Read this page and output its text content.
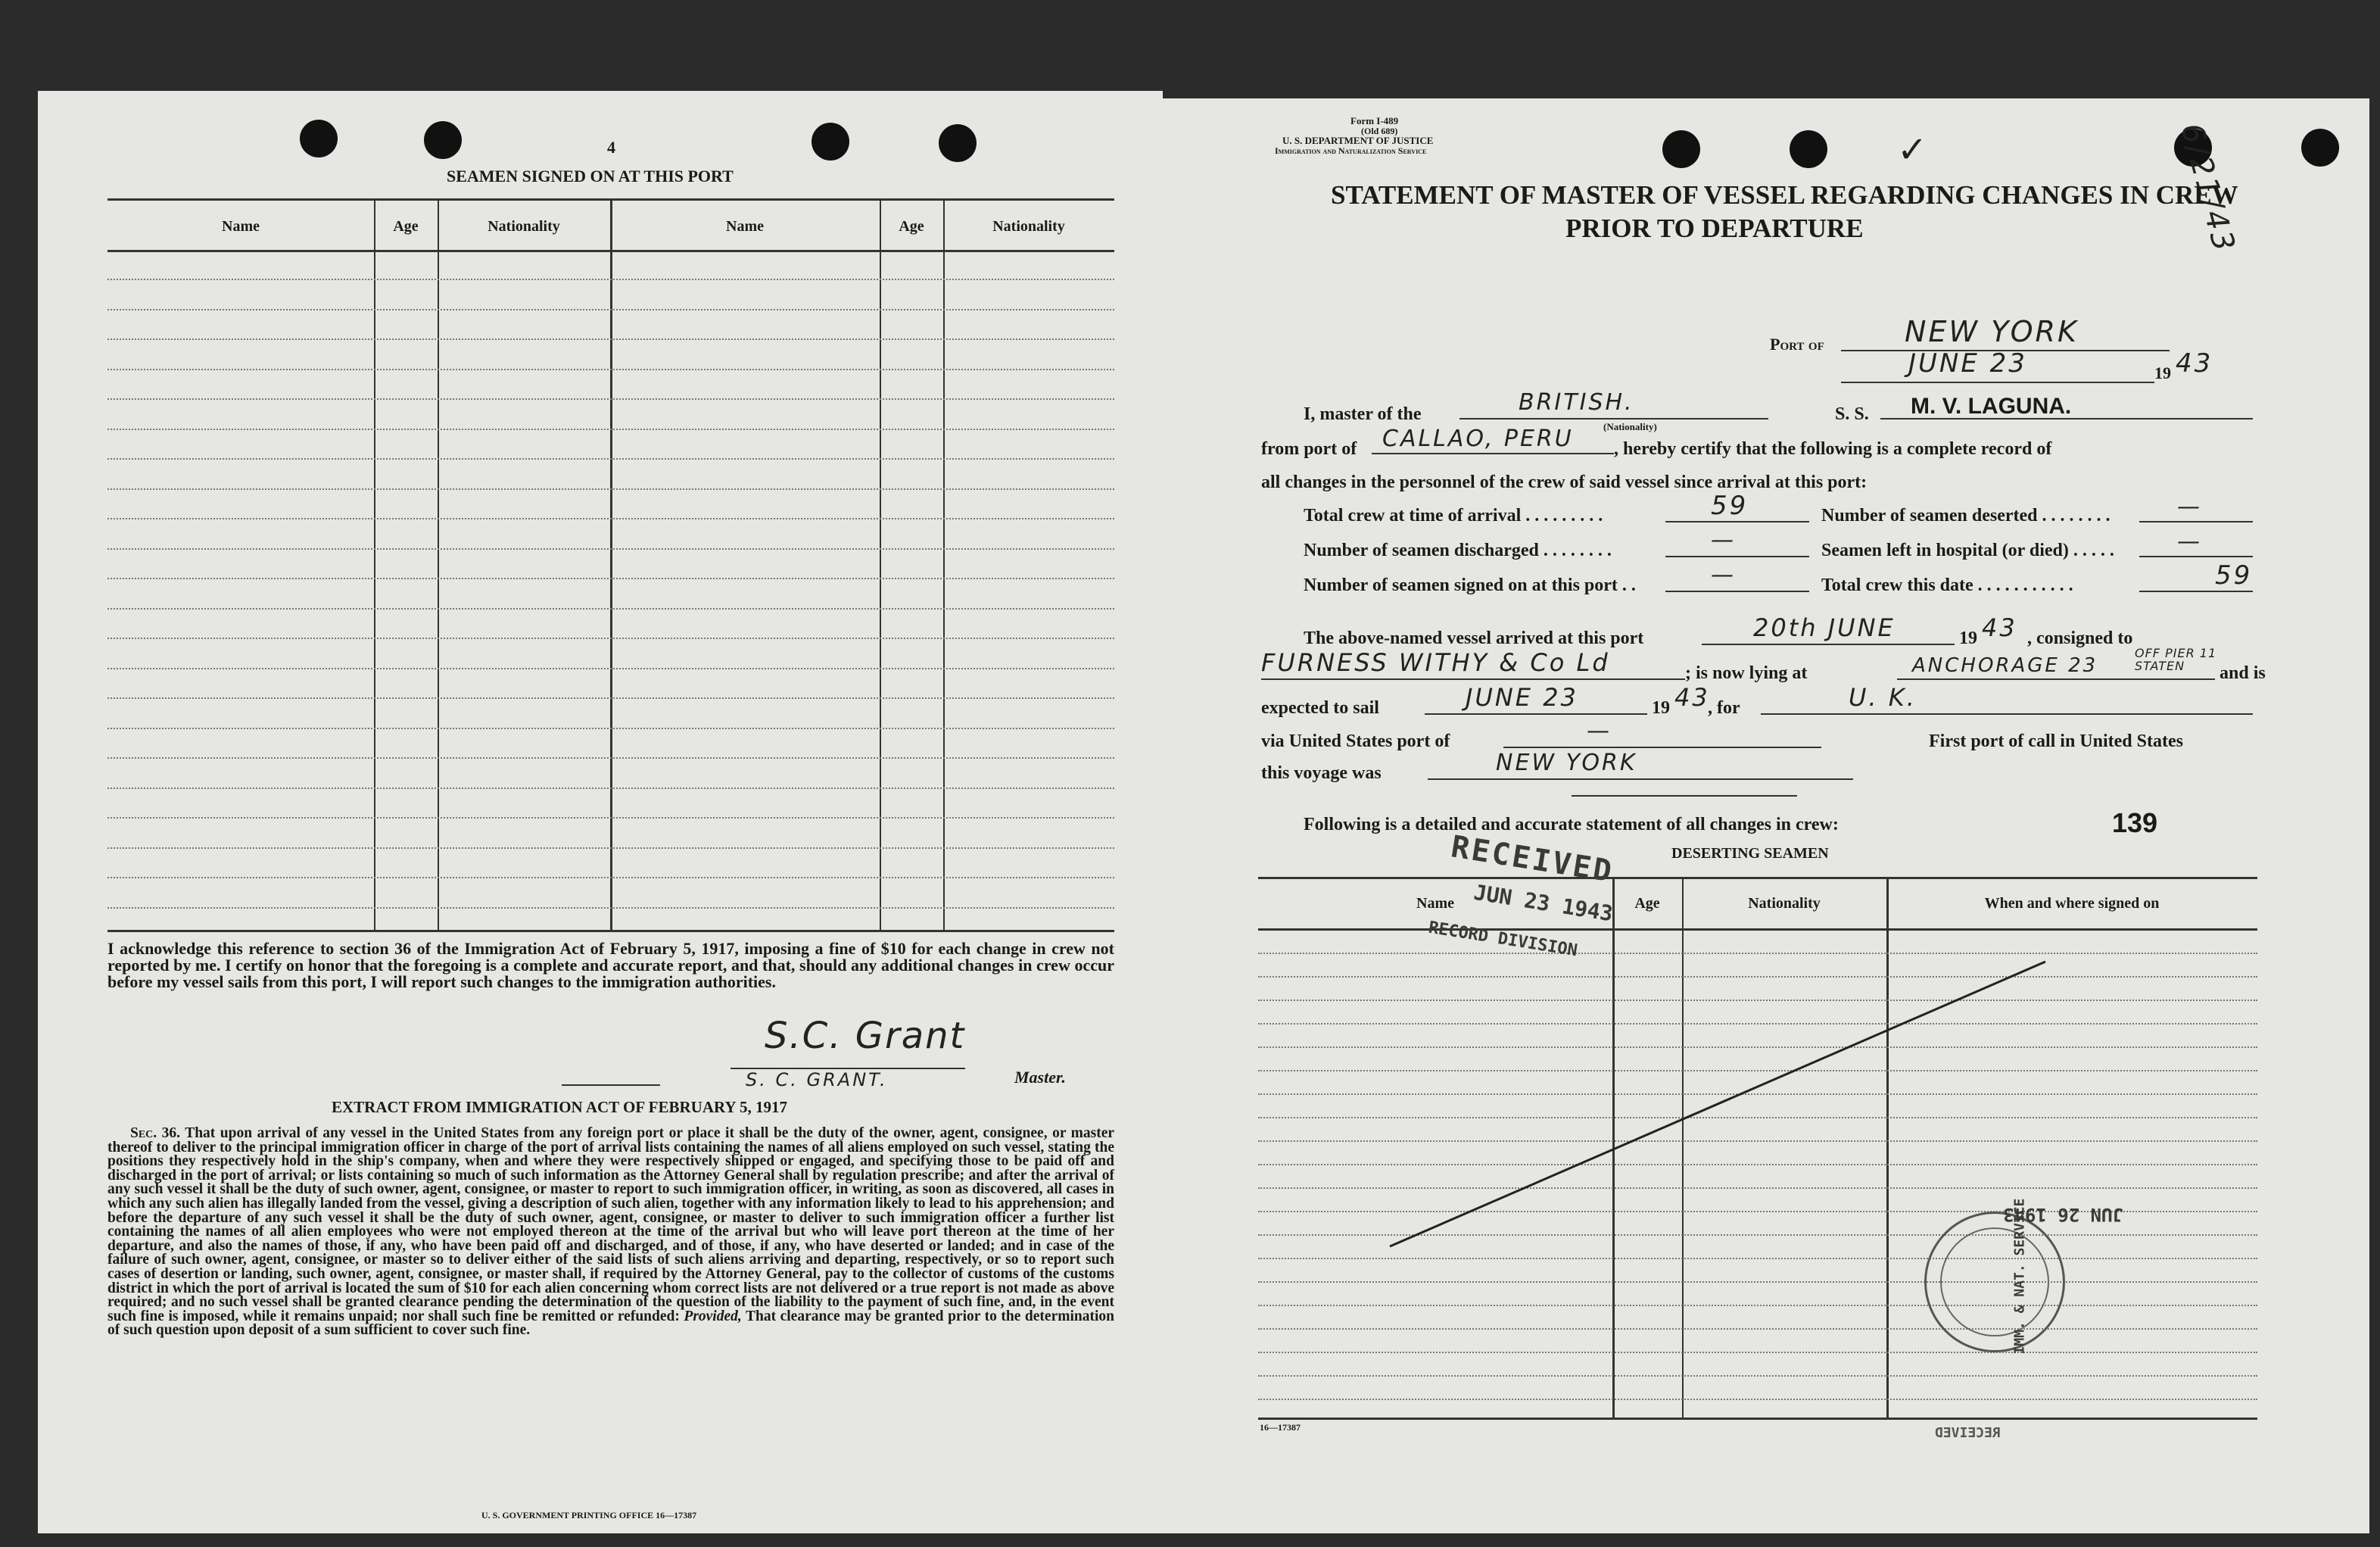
4
SEAMEN SIGNED ON AT THIS PORT
Name	Age	Nationality	Name	Age	Nationality
I acknowledge this reference to section 36 of the Immigration Act of February 5, 1917, imposing a fine of $10 for each change in crew not reported by me. I certify on honor that the foregoing is a complete and accurate report, and that, should any additional changes in crew occur before my vessel sails from this port, I will report such changes to the immigration authorities.
S.C. Grant
S. C. GRANT.	Master.
EXTRACT FROM IMMIGRATION ACT OF FEBRUARY 5, 1917
Sec. 36. That upon arrival of any vessel in the United States from any foreign port or place it shall be the duty of the owner, agent, consignee, or master thereof to deliver to the principal immigration officer in charge of the port of arrival lists containing the names of all aliens employed on such vessel, stating the positions they respectively hold in the ship's company, when and where they were respectively shipped or engaged, and specifying those to be paid off and discharged in the port of arrival; or lists containing so much of such information as the Attorney General shall by regulation prescribe; and after the arrival of any such vessel it shall be the duty of such owner, agent, consignee, or master to report to such immigration officer, in writing, as soon as discovered, all cases in which any such alien has illegally landed from the vessel, giving a description of such alien, together with any information likely to lead to his apprehension; and before the departure of any such vessel it shall be the duty of such owner, agent, consignee, or master to deliver to such immigration officer a further list containing the names of all alien employees who were not employed thereon at the time of the arrival but who will leave port thereon at the time of her departure, and also the names of those, if any, who have been paid off and discharged, and of those, if any, who have deserted or landed; and in case of the failure of such owner, agent, consignee, or master so to deliver either of the said lists of such aliens arriving and departing, respectively, or so to report such cases of desertion or landing, such owner, agent, consignee, or master shall, if required by the Attorney General, pay to the collector of customs of the customs district in which the port of arrival is located the sum of $10 for each alien concerning whom correct lists are not delivered or a true report is not made as above required; and no such vessel shall be granted clearance pending the determination of the question of the liability to the payment of such fine, and, in the event such fine is imposed, while it remains unpaid; nor shall such fine be remitted or refunded: Provided, That clearance may be granted prior to the determination of such question upon deposit of a sum sufficient to cover such fine.
U. S. GOVERNMENT PRINTING OFFICE 16—17387
Form I-489
(Old 689)
U. S. DEPARTMENT OF JUSTICE
Immigration and Naturalization Service	✓	6/21/43
STATEMENT OF MASTER OF VESSEL REGARDING CHANGES IN CREW
PRIOR TO DEPARTURE
Port of	NEW YORK
JUNE 23	19 43
I, master of the	BRITISH.
(Nationality)
S. S. M. V. LAGUNA.
from port of CALLAO, PERU , hereby certify that the following is a complete record of
all changes in the personnel of the crew of said vessel since arrival at this port:
Total crew at time of arrival . . . . . . . . .	59	Number of seamen deserted . . . . . . . .	—
Number of seamen discharged . . . . . . . .	—	Seamen left in hospital (or died) . . . . .	—
Number of seamen signed on at this port . .	—	Total crew this date . . . . . . . . . . .	59
The above-named vessel arrived at this port	20th JUNE	19 43 , consigned to
FURNESS WITHY & Co Ld	; is now lying at	ANCHORAGE 23
OFF PIER 11 STATEN	and is
expected to sail	JUNE 23	19 43
, for	U. K.
via United States port of	—	First port of call in United States
this voyage was	NEW YORK
Following is a detailed and accurate statement of all changes in crew:	139
DESERTING SEAMEN
Name	Age	Nationality	When and where signed on
RECEIVED
JUN 23 1943
RECORD DIVISION
IMM. & NAT. SERVICE
JUN 26 1943
16—17387	RECEIVED
